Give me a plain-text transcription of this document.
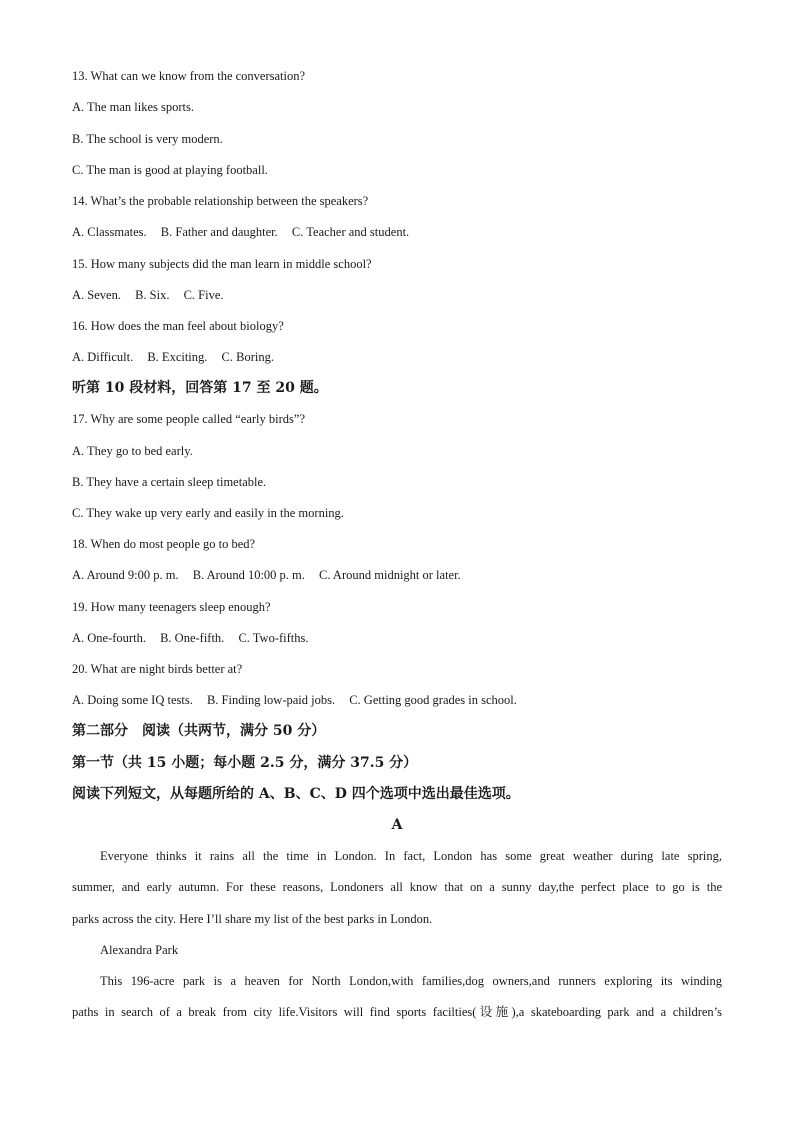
13. What can we know from the conversation?
A. The man likes sports.
B. The school is very modern.
C. The man is good at playing football.
14. What’s the probable relationship between the speakers?
A. Classmates. B. Father and daughter. C. Teacher and student.
15. How many subjects did the man learn in middle school?
A. Seven. B. Six. C. Five.
16. How does the man feel about biology?
A. Difficult. B. Exciting. C. Boring.
听第 10 段材料，回答第 17 至 20 题。
17. Why are some people called “early birds”?
A. They go to bed early.
B. They have a certain sleep timetable.
C. They wake up very early and easily in the morning.
18. When do most people go to bed?
A. Around 9:00 p. m. B. Around 10:00 p. m. C. Around midnight or later.
19. How many teenagers sleep enough?
A. One-fourth. B. One-fifth. C. Two-fifths.
20. What are night birds better at?
A. Doing some IQ tests. B. Finding low-paid jobs. C. Getting good grades in school.
第二部分　阅读（共两节，满分 50 分）
第一节（共 15 小题；每小题 2.5 分，满分 37.5 分）
阅读下列短文，从每题所给的 A、B、C、D 四个选项中选出最佳选项。
A
Everyone thinks it rains all the time in London. In fact, London has some great weather during late spring,
summer, and early autumn. For these reasons, Londoners all know that on a sunny day,the perfect place to go is the
parks across the city. Here I’ll share my list of the best parks in London.
Alexandra Park
This 196-acre park is a heaven for North London,with families,dog owners,and runners exploring its winding
paths in search of a break from city life.Visitors will find sports facilties(设施),a skateboarding park and a children’s
